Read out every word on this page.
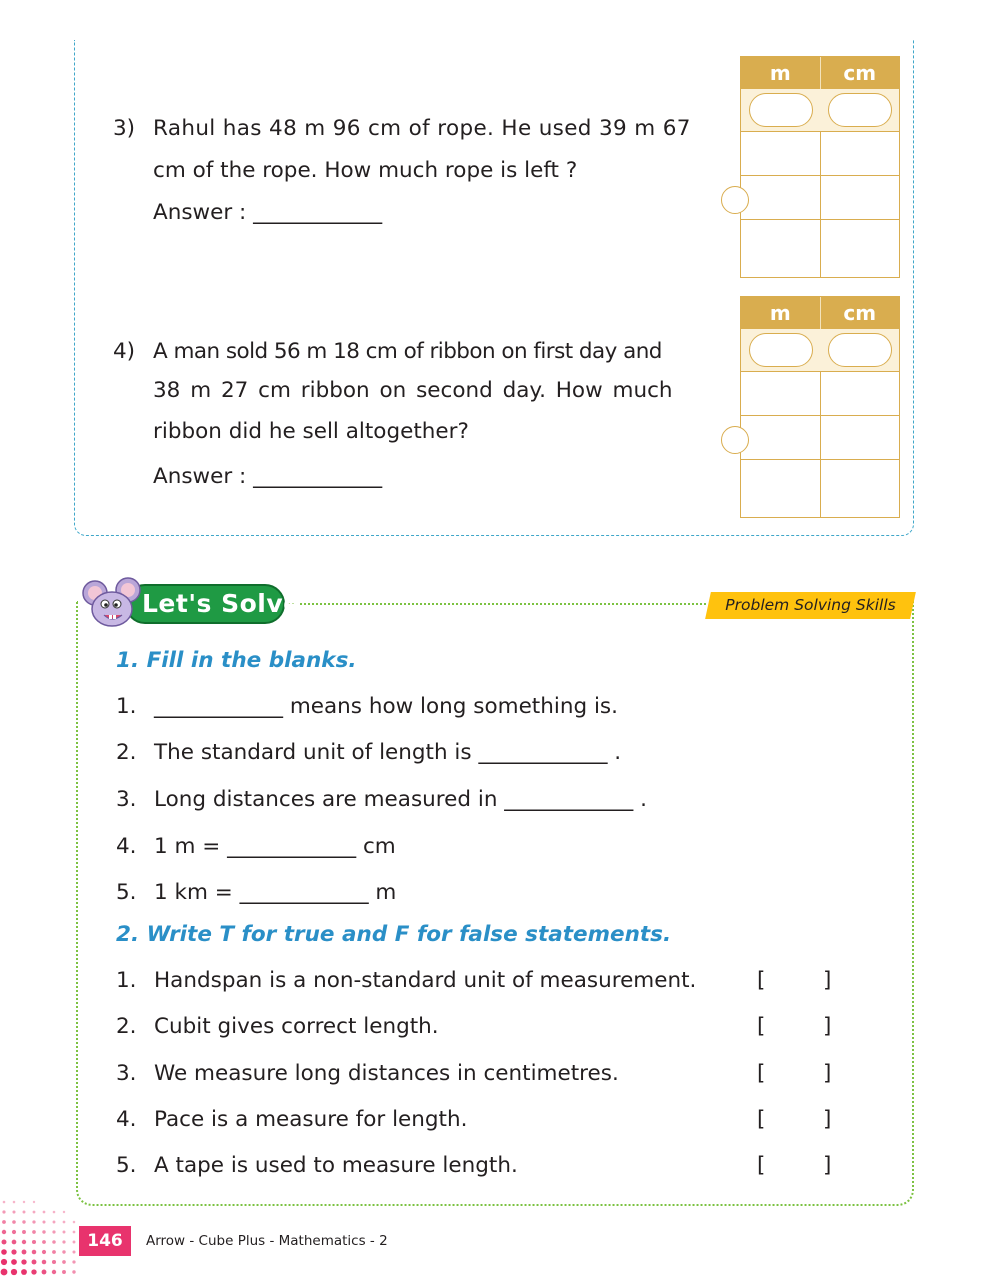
3) Rahul has 48 m 96 cm of rope. He used 39 m 67
cm of the rope. How much rope is left ?
Answer : ____________
4) A man sold 56 m 18 cm of ribbon on first day and
38 m 27 cm ribbon on second day. How much
ribbon did he sell altogether?
Answer : ____________
m	cm
m	cm
Let's Solve	Problem Solving Skills
1. Fill in the blanks.
1. ____________ means how long something is.
2. The standard unit of length is ____________ .
3. Long distances are measured in ____________ .
4. 1 m = ____________ cm
5. 1 km = ____________ m
2. Write T for true and F for false statements.
1. Handspan is a non-standard unit of measurement.	[	]
2. Cubit gives correct length.	[	]
3. We measure long distances in centimetres.	[	]
4. Pace is a measure for length.	[	]
5. A tape is used to measure length.	[	]
146	Arrow - Cube Plus - Mathematics - 2
